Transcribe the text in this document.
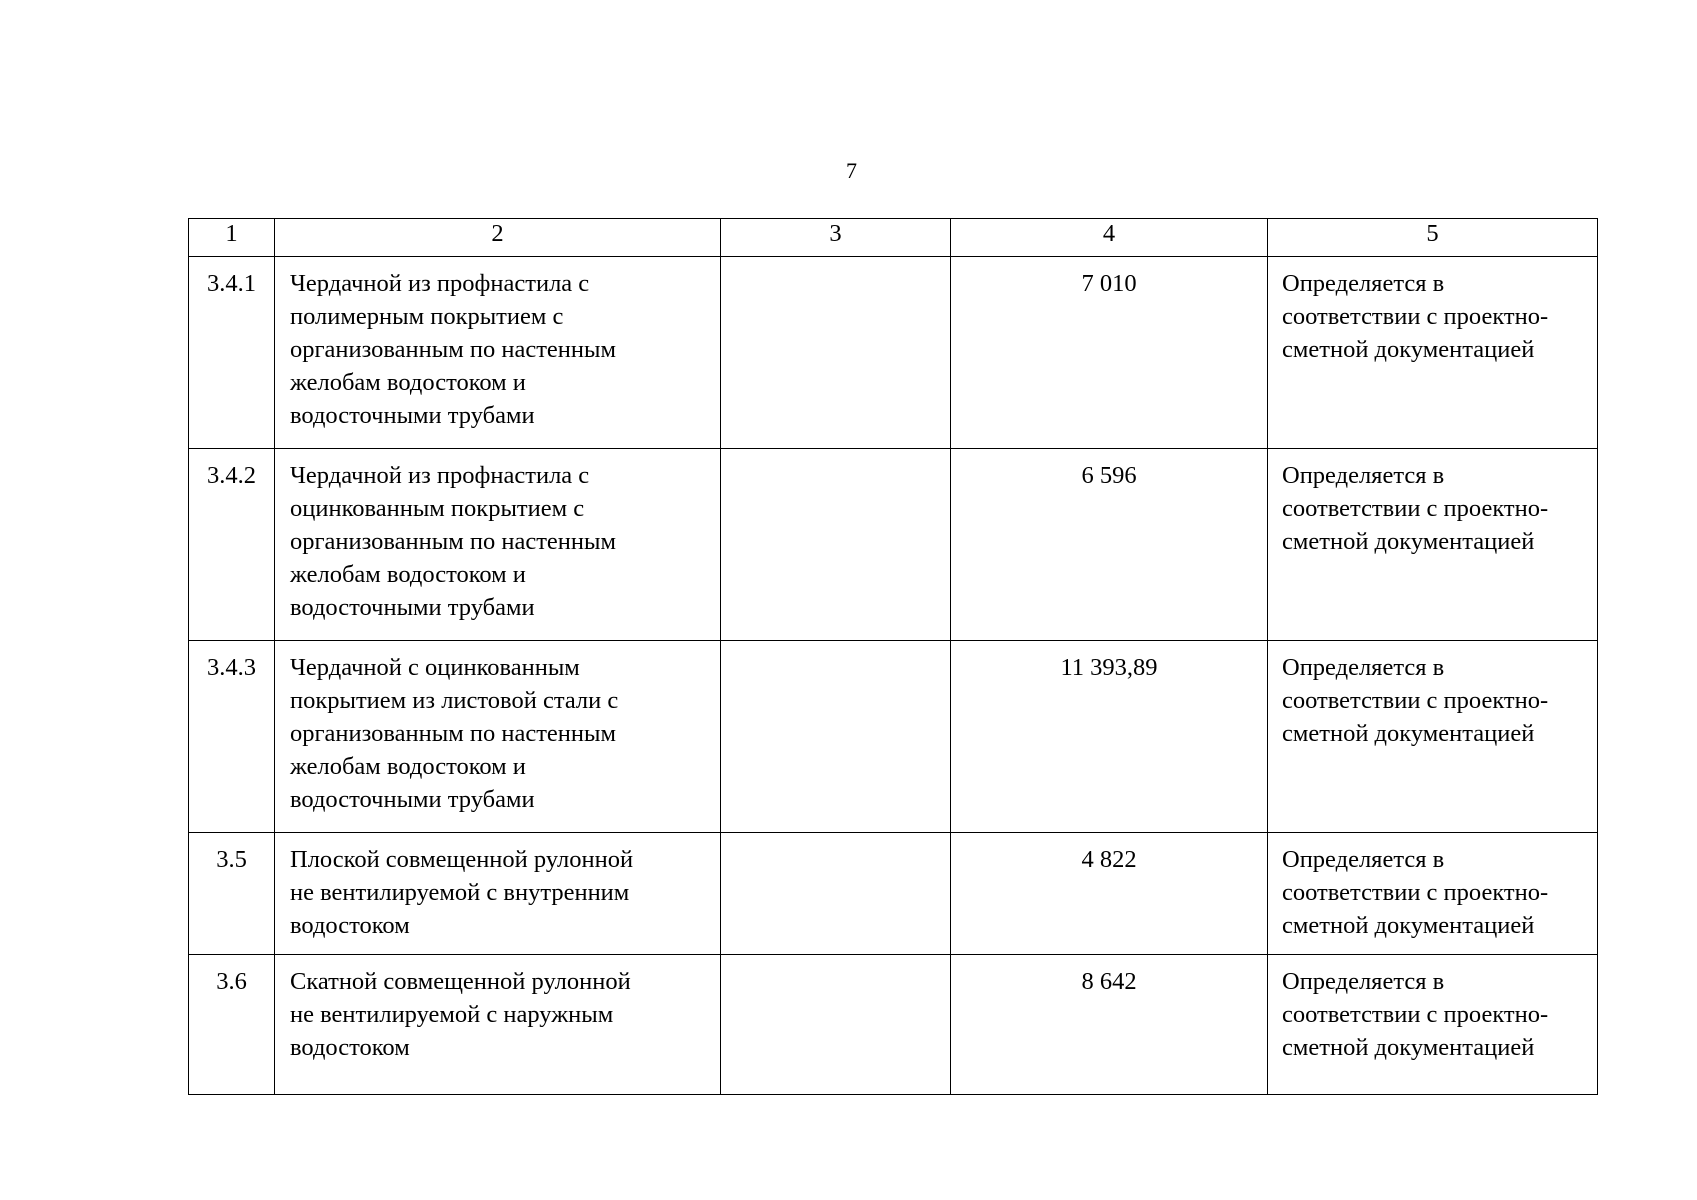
7
1	2	3	4	5
3.4.1	Чердачной из профнастила с
полимерным покрытием с
организованным по настенным
желобам водостоком и
водосточными трубами		7 010	Определяется в
соответствии с проектно-
сметной документацией

3.4.2	Чердачной из профнастила с
оцинкованным покрытием с
организованным по настенным
желобам водостоком и
водосточными трубами		6 596	Определяется в
соответствии с проектно-
сметной документацией

3.4.3	Чердачной с оцинкованным
покрытием из листовой стали с
организованным по настенным
желобам водостоком и
водосточными трубами		11 393,89	Определяется в
соответствии с проектно-
сметной документацией

3.5	Плоской совмещенной рулонной
не вентилируемой с внутренним
водостоком		4 822	Определяется в
соответствии с проектно-
сметной документацией

3.6	Скатной совмещенной рулонной
не вентилируемой с наружным
водостоком		8 642	Определяется в
соответствии с проектно-
сметной документацией
